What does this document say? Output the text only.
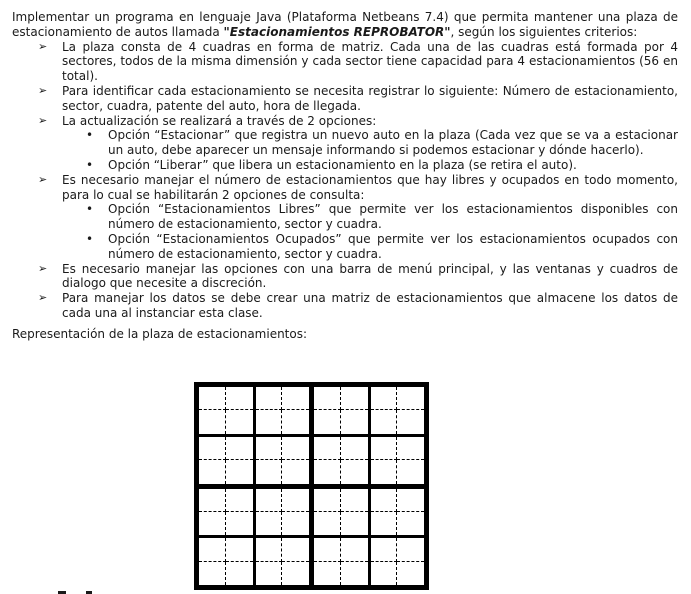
Implementar un programa en lenguaje Java (Plataforma Netbeans 7.4) que permita mantener una plaza de estacionamiento de autos llamada "Estacionamientos REPROBATOR", según los siguientes criterios:

➢ La plaza consta de 4 cuadras en forma de matriz. Cada una de las cuadras está formada por 4 sectores, todos de la misma dimensión y cada sector tiene capacidad para 4 estacionamientos (56 en total).
➢ Para identificar cada estacionamiento se necesita registrar lo siguiente: Número de estacionamiento, sector, cuadra, patente del auto, hora de llegada.
➢ La actualización se realizará a través de 2 opciones:
• Opción “Estacionar” que registra un nuevo auto en la plaza (Cada vez que se va a estacionar un auto, debe aparecer un mensaje informando si podemos estacionar y dónde hacerlo).
• Opción “Liberar” que libera un estacionamiento en la plaza (se retira el auto).
➢ Es necesario manejar el número de estacionamientos que hay libres y ocupados en todo momento, para lo cual se habilitarán 2 opciones de consulta:
• Opción “Estacionamientos Libres” que permite ver los estacionamientos disponibles con número de estacionamiento, sector y cuadra.
• Opción “Estacionamientos Ocupados” que permite ver los estacionamientos ocupados con número de estacionamiento, sector y cuadra.
➢ Es necesario manejar las opciones con una barra de menú principal, y las ventanas y cuadros de dialogo que necesite a discreción.
➢ Para manejar los datos se debe crear una matriz de estacionamientos que almacene los datos de cada una al instanciar esta clase.

Representación de la plaza de estacionamientos:
